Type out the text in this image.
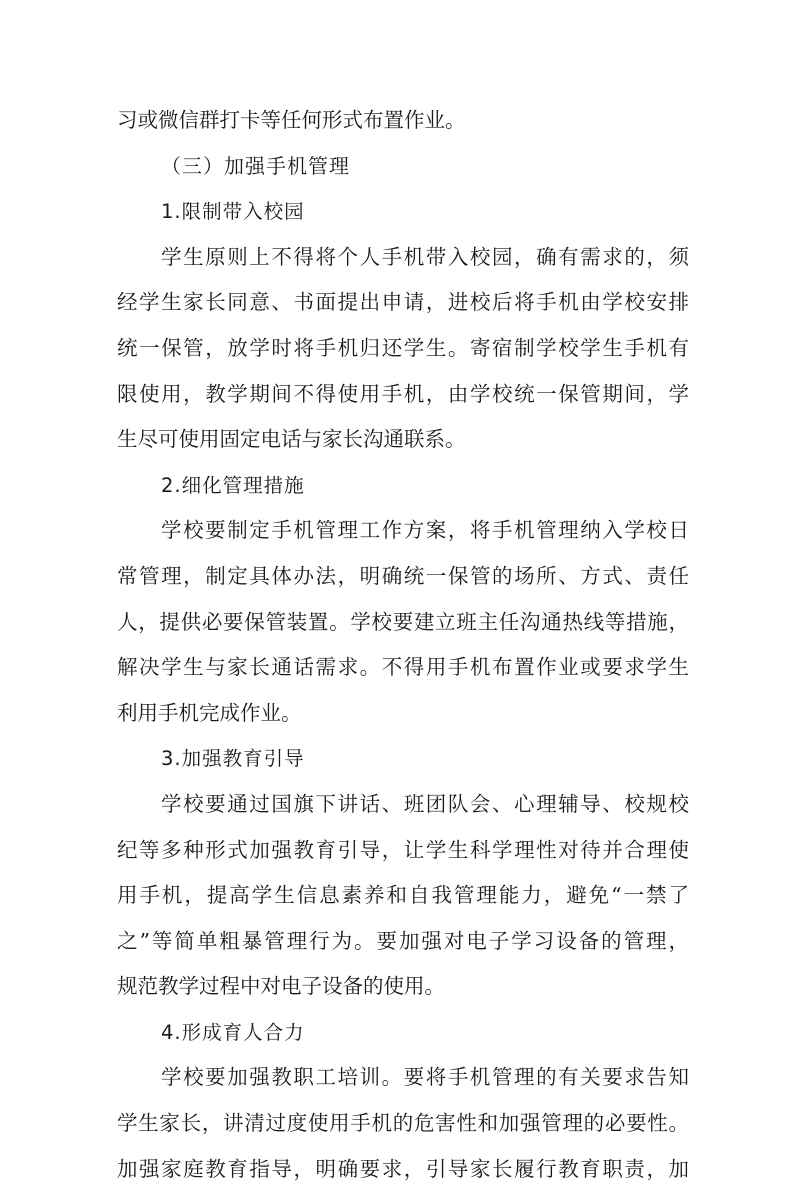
习或微信群打卡等任何形式布置作业。
（三）加强手机管理
1.限制带入校园
学生原则上不得将个人手机带入校园，确有需求的，须
经学生家长同意、书面提出申请，进校后将手机由学校安排
统一保管，放学时将手机归还学生。寄宿制学校学生手机有
限使用，教学期间不得使用手机，由学校统一保管期间，学
生尽可使用固定电话与家长沟通联系。
2.细化管理措施
学校要制定手机管理工作方案，将手机管理纳入学校日
常管理，制定具体办法，明确统一保管的场所、方式、责任
人，提供必要保管装置。学校要建立班主任沟通热线等措施，
解决学生与家长通话需求。不得用手机布置作业或要求学生
利用手机完成作业。
3.加强教育引导
学校要通过国旗下讲话、班团队会、心理辅导、校规校
纪等多种形式加强教育引导，让学生科学理性对待并合理使
用手机，提高学生信息素养和自我管理能力，避免“一禁了
之”等简单粗暴管理行为。要加强对电子学习设备的管理，
规范教学过程中对电子设备的使用。
4.形成育人合力
学校要加强教职工培训。要将手机管理的有关要求告知
学生家长，讲清过度使用手机的危害性和加强管理的必要性。
加强家庭教育指导，明确要求，引导家长履行教育职责，加
